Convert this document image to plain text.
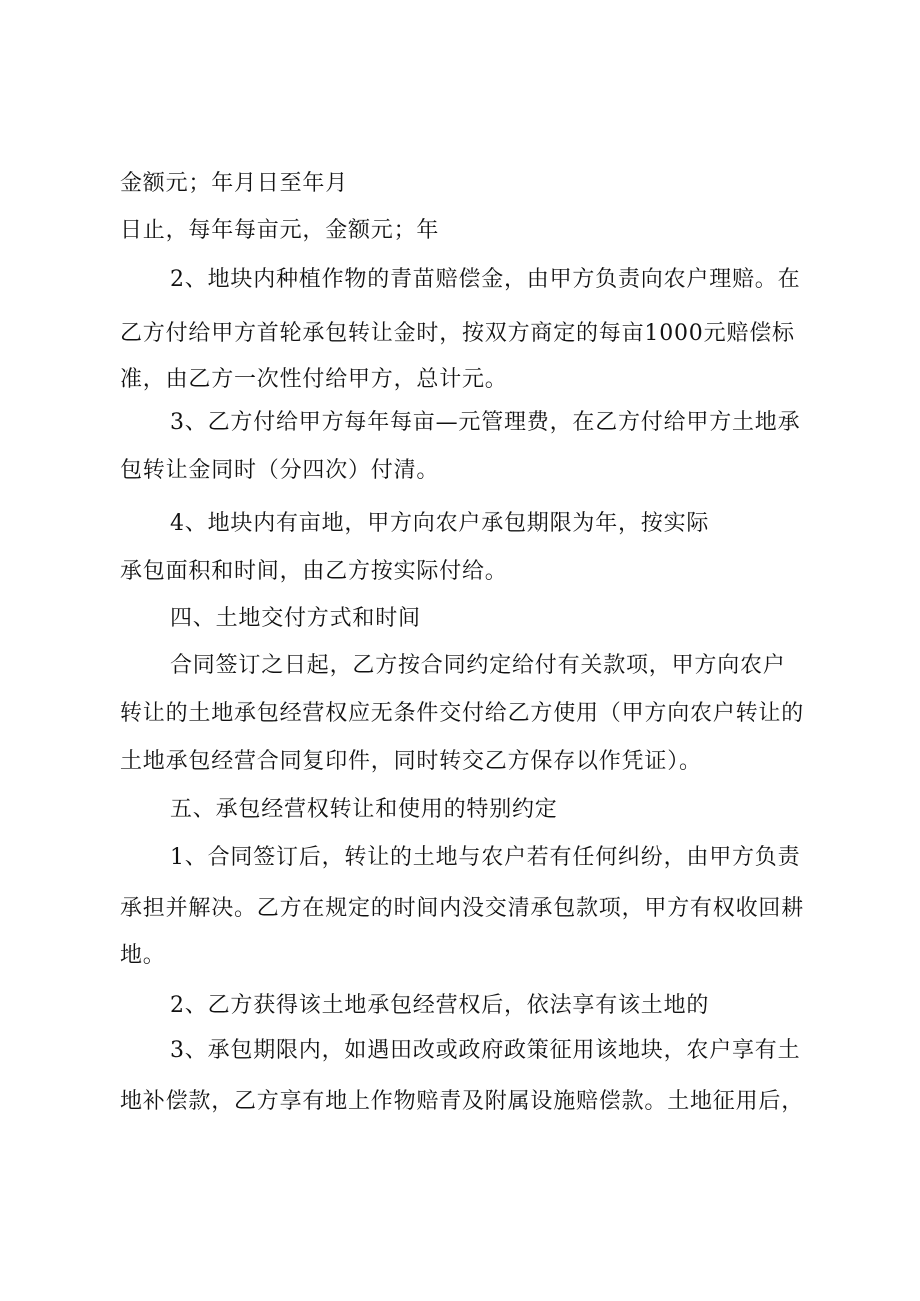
金额元；年月日至年月
日止，每年每亩元，金额元；年
2、地块内种植作物的青苗赔偿金，由甲方负责向农户理赔。在
乙方付给甲方首轮承包转让金时，按双方商定的每亩1000元赔偿标
准，由乙方一次性付给甲方，总计元。
3、乙方付给甲方每年每亩—元管理费，在乙方付给甲方土地承
包转让金同时（分四次）付清。
4、地块内有亩地，甲方向农户承包期限为年，按实际
承包面积和时间，由乙方按实际付给。
四、土地交付方式和时间
合同签订之日起，乙方按合同约定给付有关款项，甲方向农户
转让的土地承包经营权应无条件交付给乙方使用（甲方向农户转让的
土地承包经营合同复印件，同时转交乙方保存以作凭证）。
五、承包经营权转让和使用的特别约定
1、合同签订后，转让的土地与农户若有任何纠纷，由甲方负责
承担并解决。乙方在规定的时间内没交清承包款项，甲方有权收回耕
地。
2、乙方获得该土地承包经营权后，依法享有该土地的
3、承包期限内，如遇田改或政府政策征用该地块，农户享有土
地补偿款，乙方享有地上作物赔青及附属设施赔偿款。土地征用后，
